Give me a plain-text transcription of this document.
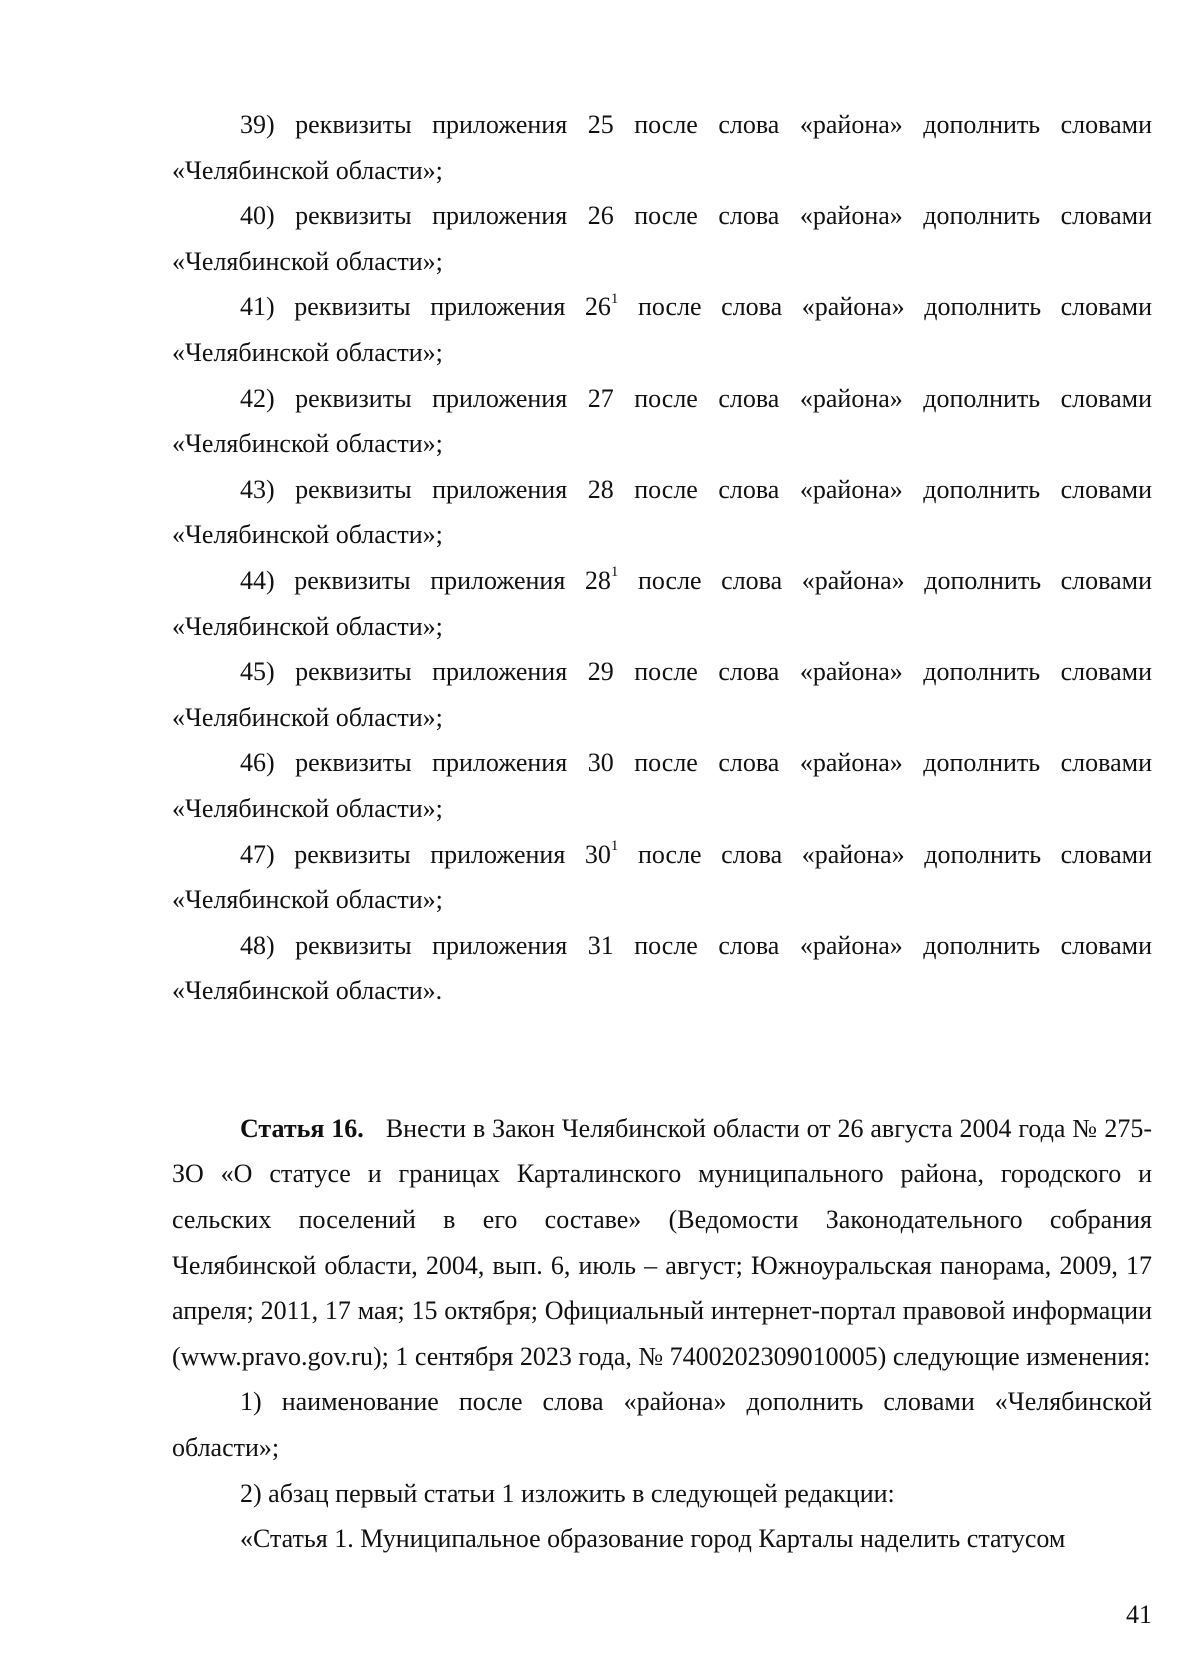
39) реквизиты приложения 25 после слова «района» дополнить словами «Челябинской области»;

40) реквизиты приложения 26 после слова «района» дополнить словами «Челябинской области»;

41) реквизиты приложения $26^1$ после слова «района» дополнить словами «Челябинской области»;

42) реквизиты приложения 27 после слова «района» дополнить словами «Челябинской области»;

43) реквизиты приложения 28 после слова «района» дополнить словами «Челябинской области»;

44) реквизиты приложения $28^1$ после слова «района» дополнить словами «Челябинской области»;

45) реквизиты приложения 29 после слова «района» дополнить словами «Челябинской области»;

46) реквизиты приложения 30 после слова «района» дополнить словами «Челябинской области»;

47) реквизиты приложения $30^1$ после слова «района» дополнить словами «Челябинской области»;

48) реквизиты приложения 31 после слова «района» дополнить словами «Челябинской области».

Статья 16. Внести в Закон Челябинской области от 26 августа 2004 года № 275-ЗО «О статусе и границах Карталинского муниципального района, городского и сельских поселений в его составе» (Ведомости Законодательного собрания Челябинской области, 2004, вып. 6, июль – август; Южноуральская панорама, 2009, 17 апреля; 2011, 17 мая; 15 октября; Официальный интернет-портал правовой информации (www.pravo.gov.ru); 1 сентября 2023 года, № 7400202309010005) следующие изменения:

1) наименование после слова «района» дополнить словами «Челябинской области»;

2) абзац первый статьи 1 изложить в следующей редакции:

«Статья 1. Муниципальное образование город Карталы наделить статусом

41
